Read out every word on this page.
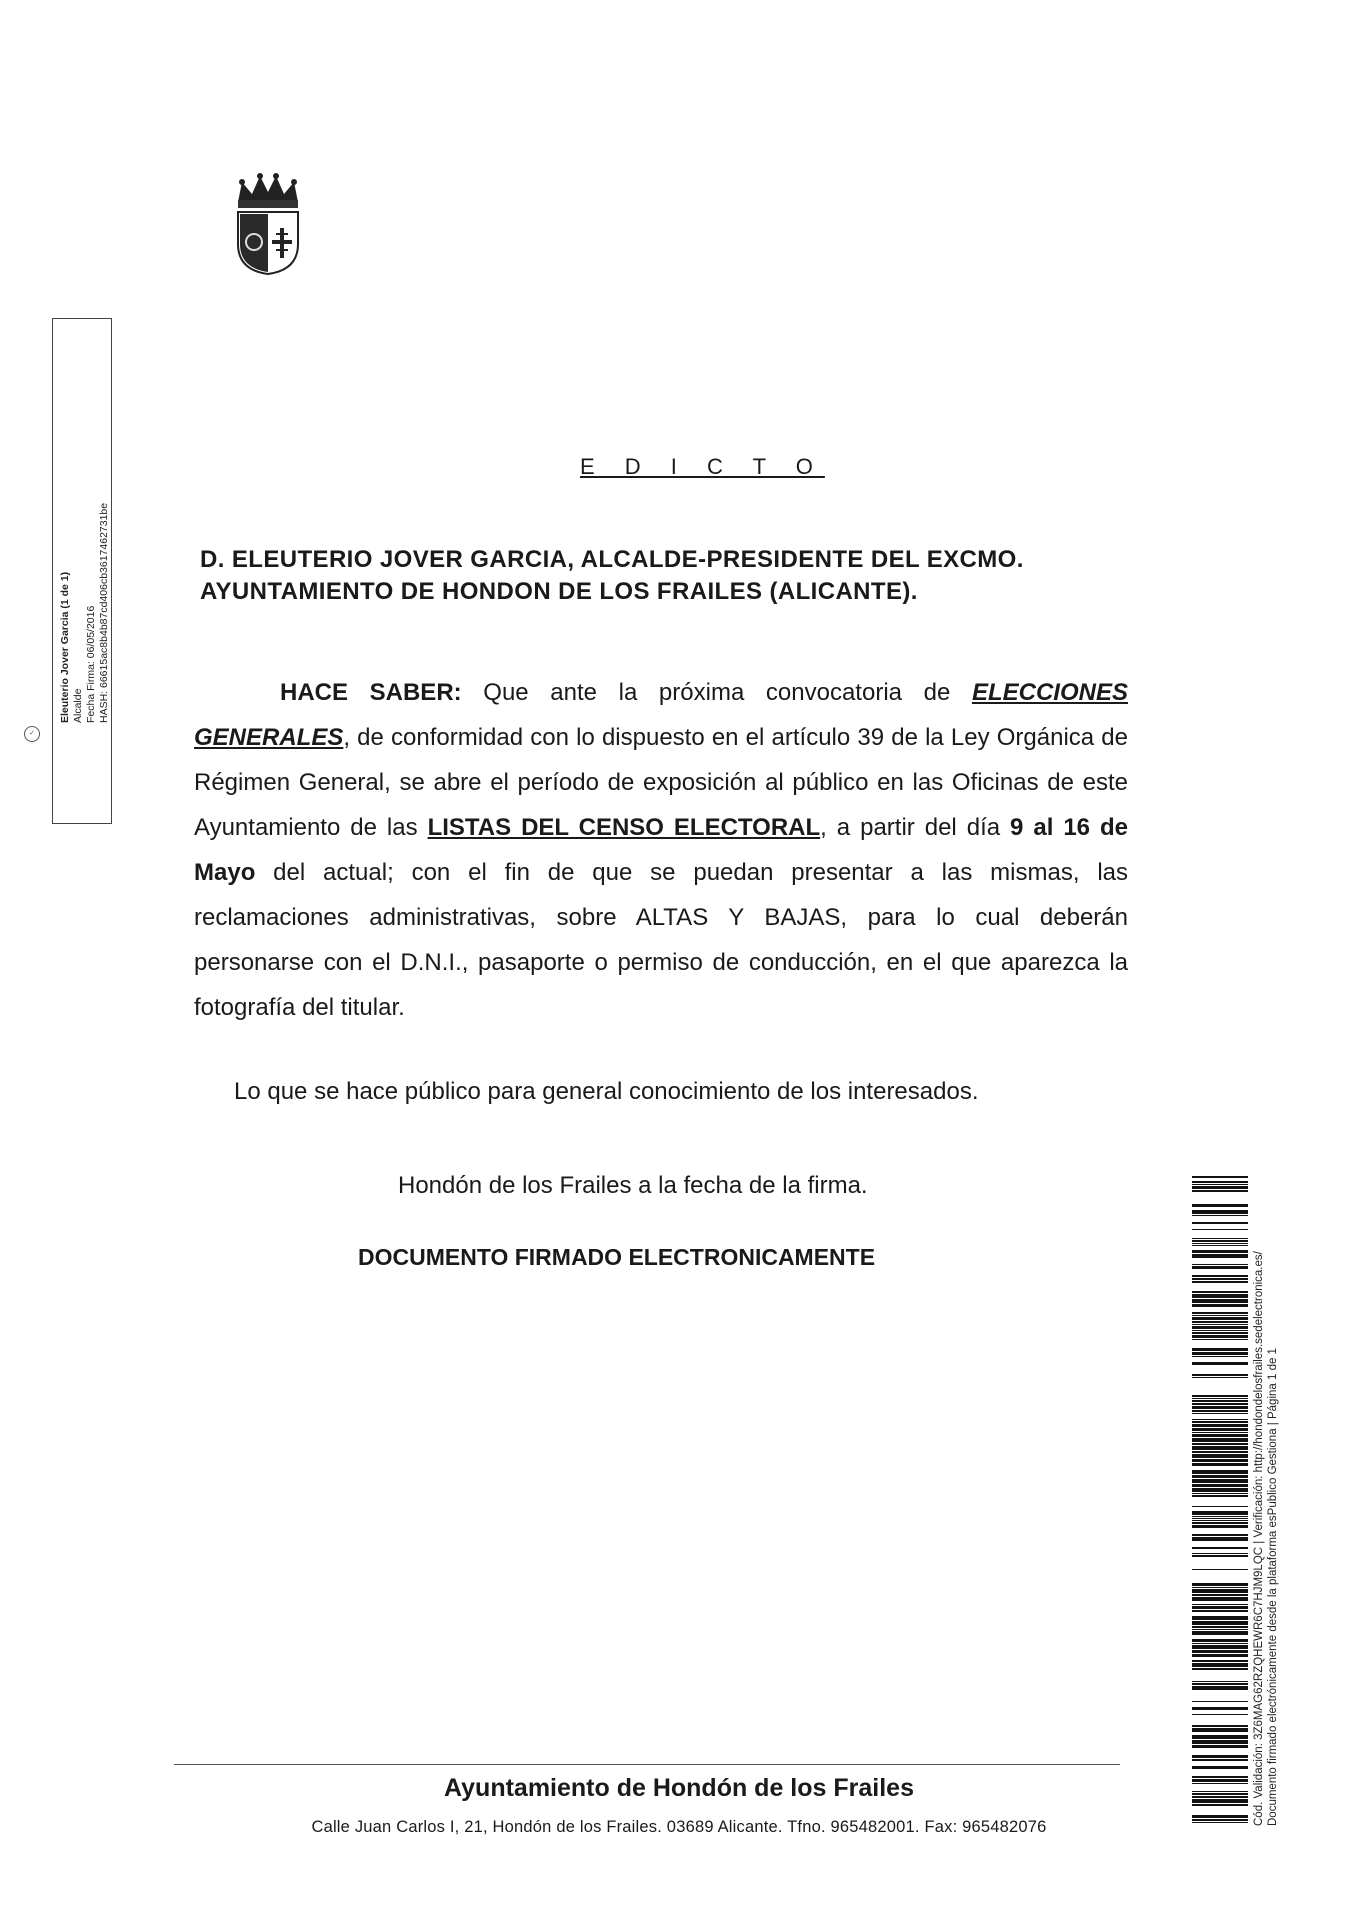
Eleuterio Jover Garcia (1 de 1) Alcalde Fecha Firma: 06/05/2016 HASH: 66615ac8b4b87cd406cb3617462731be
✓
E D I C T O
D. ELEUTERIO JOVER GARCIA, ALCALDE-PRESIDENTE DEL EXCMO.
AYUNTAMIENTO DE HONDON DE LOS FRAILES (ALICANTE).
HACE SABER: Que ante la próxima convocatoria de ELECCIONES GENERALES, de conformidad con lo dispuesto en el artículo 39 de la Ley Orgánica de Régimen General, se abre el período de exposición al público en las Oficinas de este Ayuntamiento de las LISTAS DEL CENSO ELECTORAL, a partir del día 9 al 16 de Mayo del actual; con el fin de que se puedan presentar a las mismas, las reclamaciones administrativas, sobre ALTAS Y BAJAS, para lo cual deberán personarse con el D.N.I., pasaporte o permiso de conducción, en el que aparezca la fotografía del titular.
Lo que se hace público para general conocimiento de los interesados.
Hondón de los Frailes a la fecha de la firma.
DOCUMENTO FIRMADO ELECTRONICAMENTE	Cód. Validación: 3Z6MAG62RZQHEWR6C7HJM9LQC | Verificación: http://hondondelosfrailes.sedelectronica.es/ Documento firmado electrónicamente desde la plataforma esPublico Gestiona | Página 1 de 1
Ayuntamiento de Hondón de los Frailes
Calle Juan Carlos I, 21, Hondón de los Frailes. 03689 Alicante. Tfno. 965482001. Fax: 965482076
